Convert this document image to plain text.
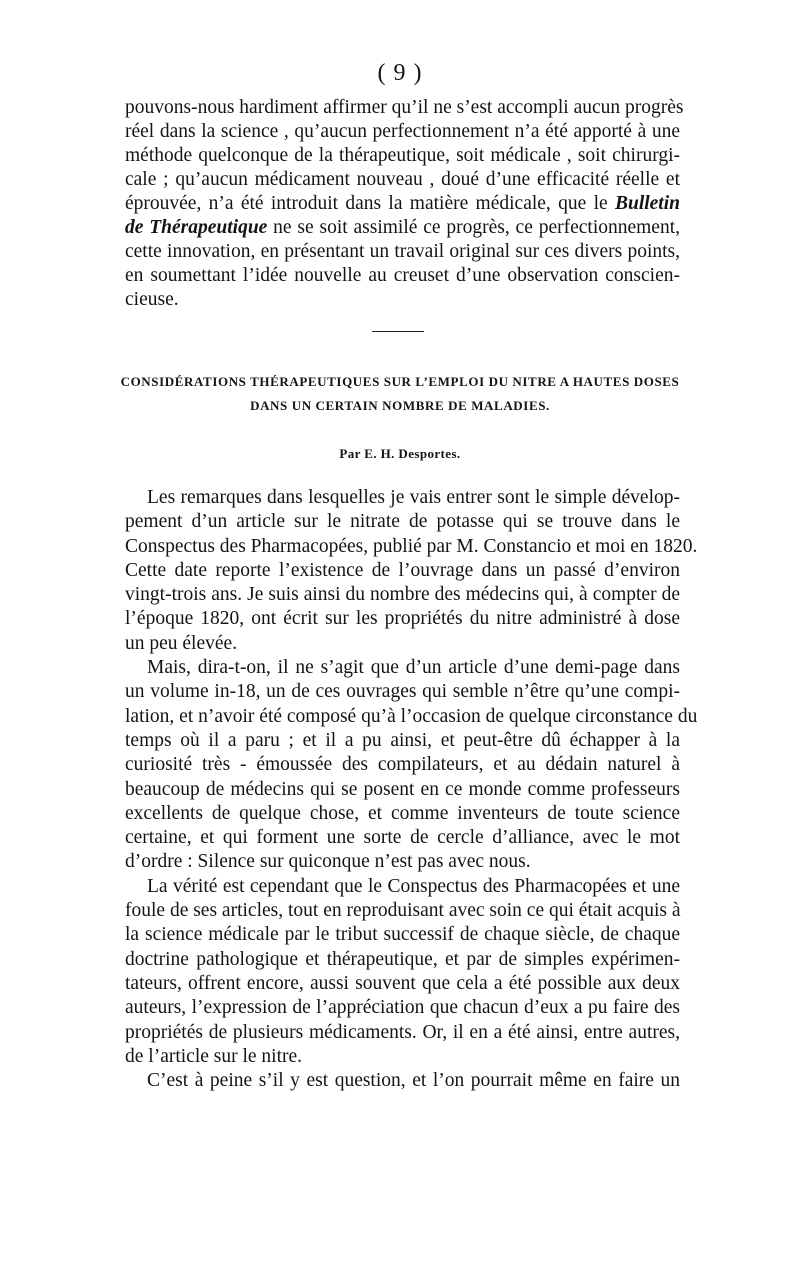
( 9 )
pouvons-nous hardiment affirmer qu’il ne s’est accompli aucun progrès
réel dans la science , qu’aucun perfectionnement n’a été apporté à une
méthode quelconque de la thérapeutique, soit médicale , soit chirurgi-
cale ; qu’aucun médicament nouveau , doué d’une efficacité réelle et
éprouvée, n’a été introduit dans la matière médicale, que le Bulletin
de Thérapeutique ne se soit assimilé ce progrès, ce perfectionnement,
cette innovation, en présentant un travail original sur ces divers points,
en soumettant l’idée nouvelle au creuset d’une observation conscien-
cieuse.
CONSIDÉRATIONS THÉRAPEUTIQUES SUR L’EMPLOI DU NITRE A HAUTES DOSES
DANS UN CERTAIN NOMBRE DE MALADIES.
Par E. H. Desportes.
Les remarques dans lesquelles je vais entrer sont le simple dévelop-
pement d’un article sur le nitrate de potasse qui se trouve dans le
Conspectus des Pharmacopées, publié par M. Constancio et moi en 1820.
Cette date reporte l’existence de l’ouvrage dans un passé d’environ
vingt-trois ans. Je suis ainsi du nombre des médecins qui, à compter de
l’époque 1820, ont écrit sur les propriétés du nitre administré à dose
un peu élevée.
Mais, dira-t-on, il ne s’agit que d’un article d’une demi-page dans
un volume in-18, un de ces ouvrages qui semble n’être qu’une compi-
lation, et n’avoir été composé qu’à l’occasion de quelque circonstance du
temps où il a paru ; et il a pu ainsi, et peut-être dû échapper à la
curiosité très - émoussée des compilateurs, et au dédain naturel à
beaucoup de médecins qui se posent en ce monde comme professeurs
excellents de quelque chose, et comme inventeurs de toute science
certaine, et qui forment une sorte de cercle d’alliance, avec le mot
d’ordre : Silence sur quiconque n’est pas avec nous.
La vérité est cependant que le Conspectus des Pharmacopées et une
foule de ses articles, tout en reproduisant avec soin ce qui était acquis à
la science médicale par le tribut successif de chaque siècle, de chaque
doctrine pathologique et thérapeutique, et par de simples expérimen-
tateurs, offrent encore, aussi souvent que cela a été possible aux deux
auteurs, l’expression de l’appréciation que chacun d’eux a pu faire des
propriétés de plusieurs médicaments. Or, il en a été ainsi, entre autres,
de l’article sur le nitre.
C’est à peine s’il y est question, et l’on pourrait même en faire un
